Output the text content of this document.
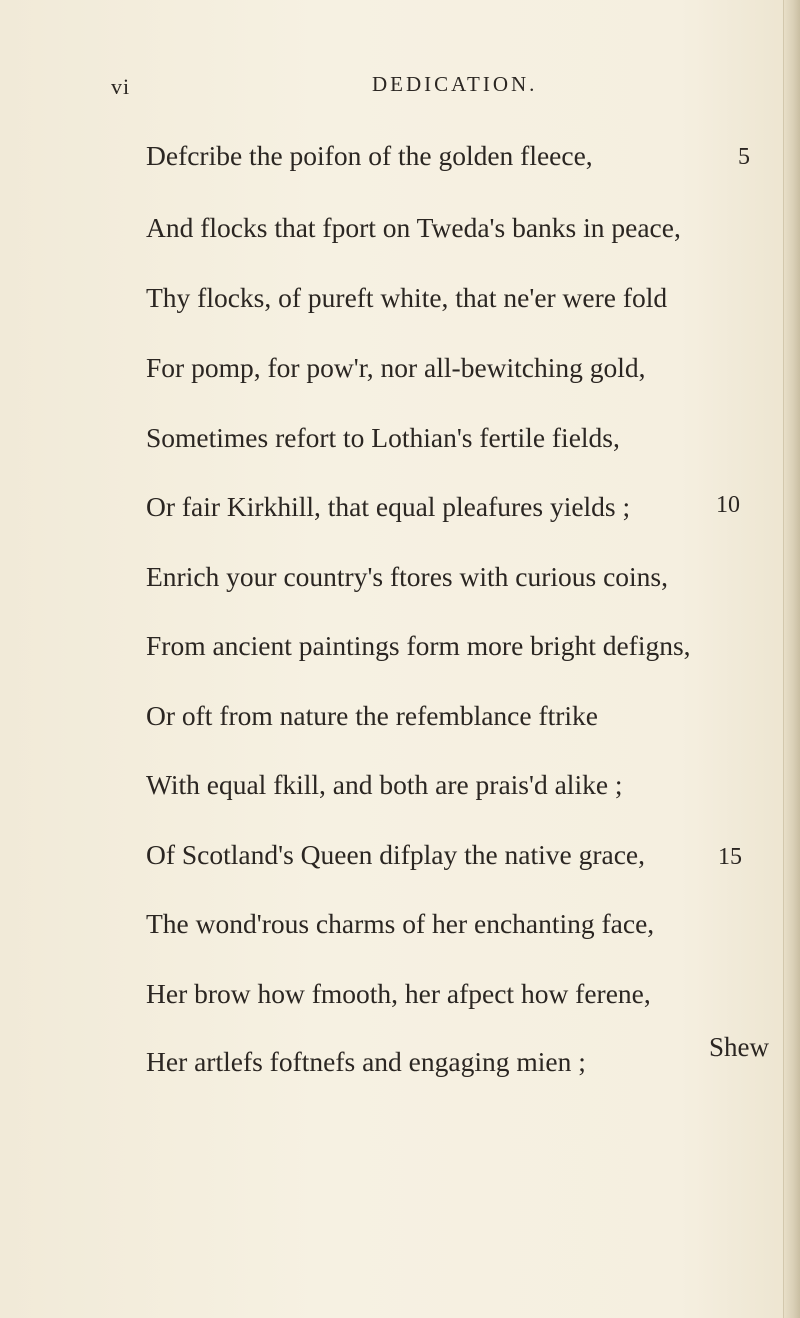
vi	DEDICATION.
Defcribe the poifon of the golden fleece,	5
And flocks that fport on Tweda's banks in peace,
Thy flocks, of pureft white, that ne'er were fold
For pomp, for pow'r, nor all-bewitching gold,
Sometimes refort to Lothian's fertile fields,
Or fair Kirkhill, that equal pleafures yields ;	10
Enrich your country's ftores with curious coins,
From ancient paintings form more bright defigns,
Or oft from nature the refemblance ftrike
With equal fkill, and both are prais'd alike ;
Of Scotland's Queen difplay the native grace,	15
The wond'rous charms of her enchanting face,
Her brow how fmooth, her afpect how ferene,
Her artlefs foftnefs and engaging mien ;	Shew
